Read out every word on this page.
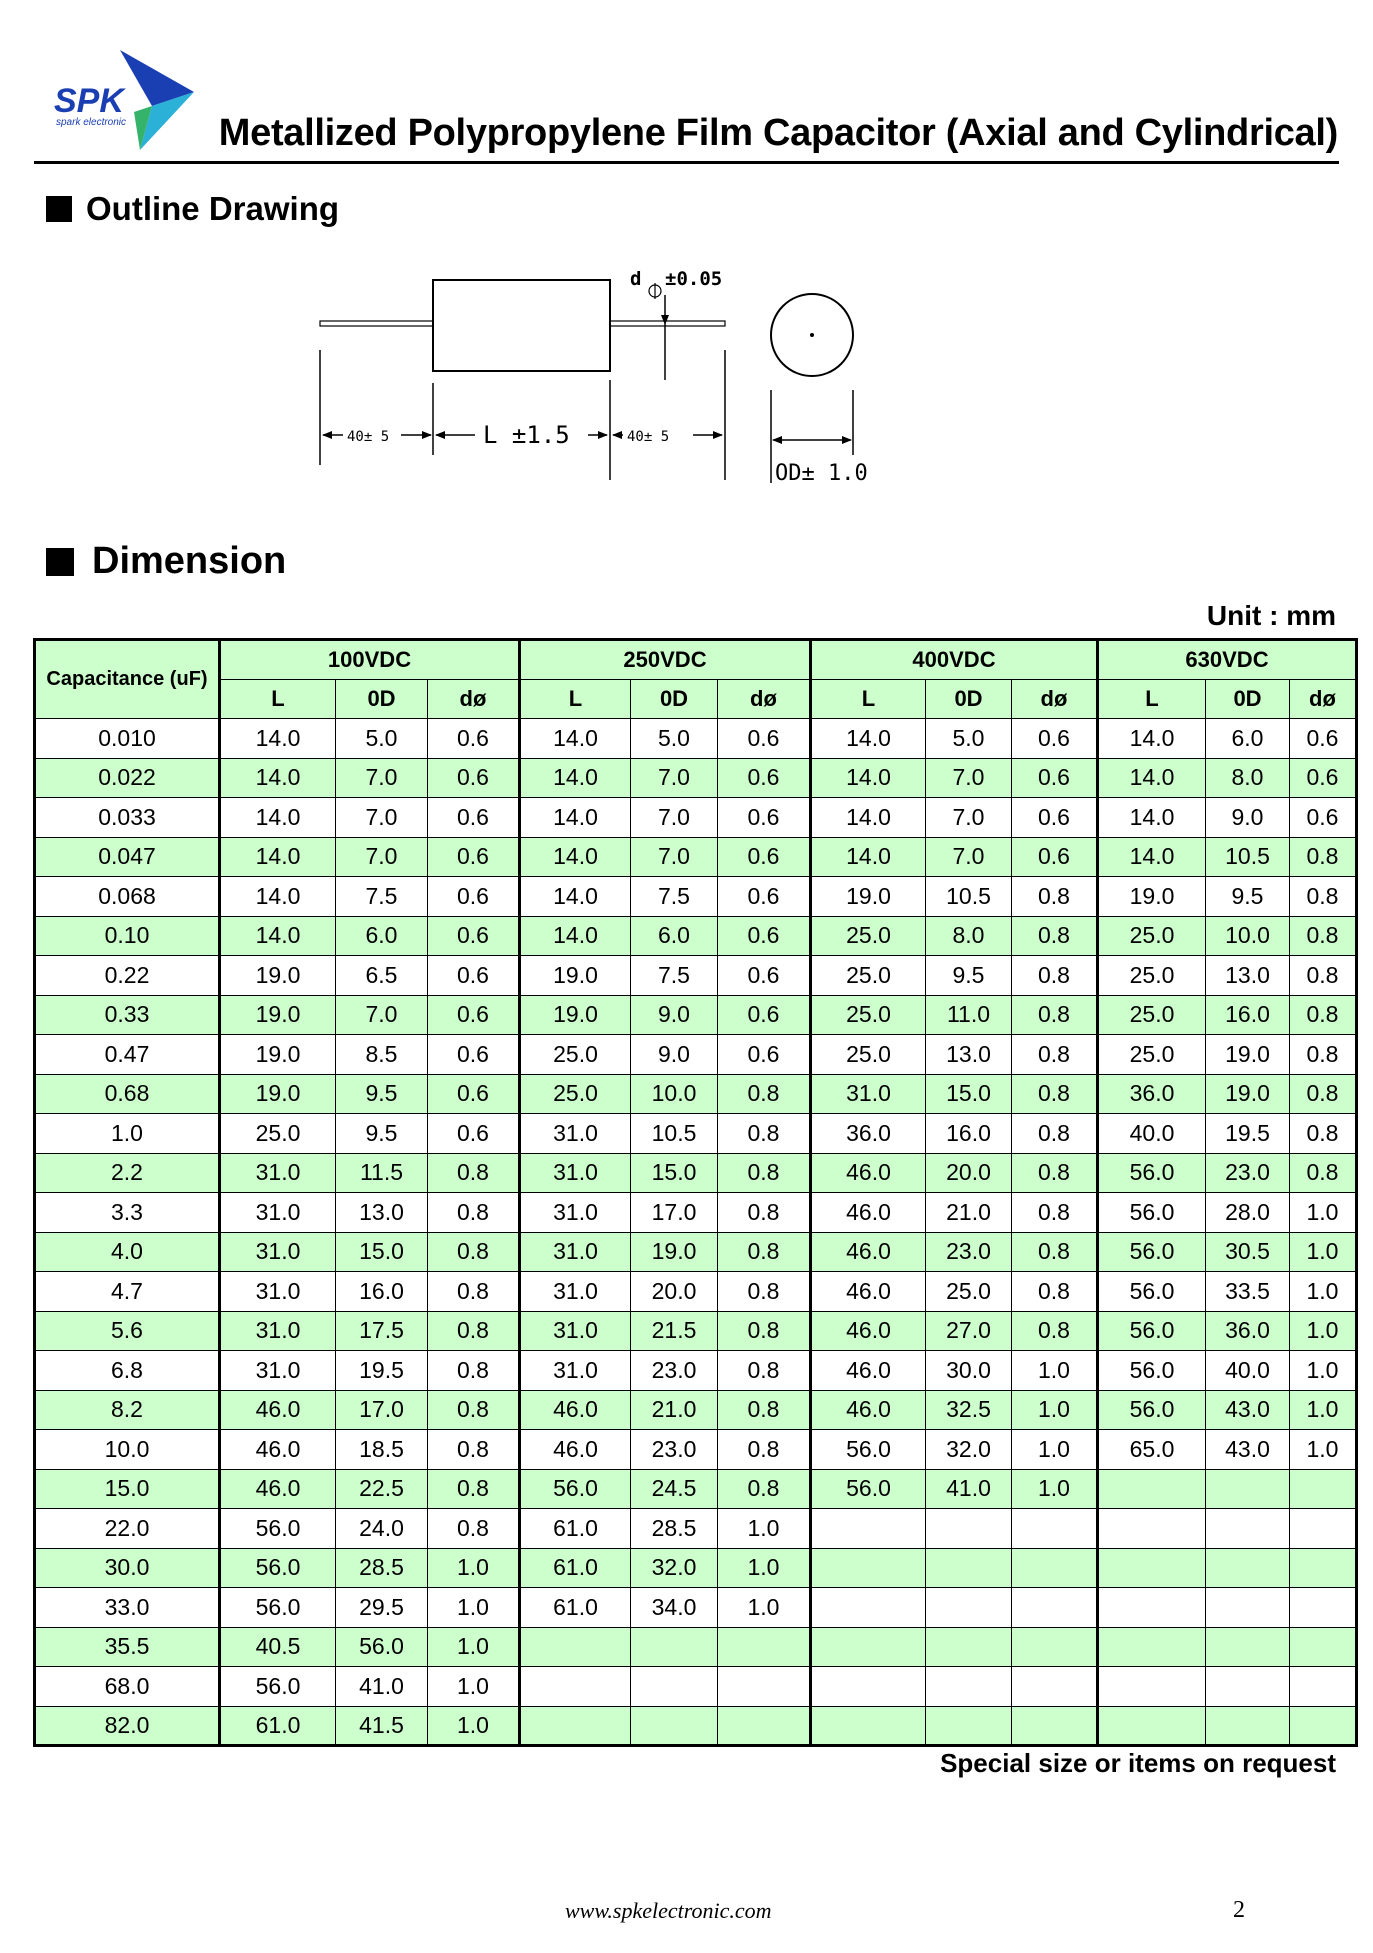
SPK
spark electronic Metallized Polypropylene Film Capacitor (Axial and Cylindrical)
Outline Drawing
d ±0.05
40± 5	L ±1.5	40± 5
OD± 1.0
Dimension
Unit : mm
Capacitance (uF)	100VDC			250VDC			400VDC			630VDC		
	L	0D	dø	L	0D	dø	L	0D	dø	L	0D	dø
0.010	14.0	5.0	0.6	14.0	5.0	0.6	14.0	5.0	0.6	14.0	6.0	0.6
0.022	14.0	7.0	0.6	14.0	7.0	0.6	14.0	7.0	0.6	14.0	8.0	0.6
0.033	14.0	7.0	0.6	14.0	7.0	0.6	14.0	7.0	0.6	14.0	9.0	0.6
0.047	14.0	7.0	0.6	14.0	7.0	0.6	14.0	7.0	0.6	14.0	10.5	0.8
0.068	14.0	7.5	0.6	14.0	7.5	0.6	19.0	10.5	0.8	19.0	9.5	0.8
0.10	14.0	6.0	0.6	14.0	6.0	0.6	25.0	8.0	0.8	25.0	10.0	0.8
0.22	19.0	6.5	0.6	19.0	7.5	0.6	25.0	9.5	0.8	25.0	13.0	0.8
0.33	19.0	7.0	0.6	19.0	9.0	0.6	25.0	11.0	0.8	25.0	16.0	0.8
0.47	19.0	8.5	0.6	25.0	9.0	0.6	25.0	13.0	0.8	25.0	19.0	0.8
0.68	19.0	9.5	0.6	25.0	10.0	0.8	31.0	15.0	0.8	36.0	19.0	0.8
1.0	25.0	9.5	0.6	31.0	10.5	0.8	36.0	16.0	0.8	40.0	19.5	0.8
2.2	31.0	11.5	0.8	31.0	15.0	0.8	46.0	20.0	0.8	56.0	23.0	0.8
3.3	31.0	13.0	0.8	31.0	17.0	0.8	46.0	21.0	0.8	56.0	28.0	1.0
4.0	31.0	15.0	0.8	31.0	19.0	0.8	46.0	23.0	0.8	56.0	30.5	1.0
4.7	31.0	16.0	0.8	31.0	20.0	0.8	46.0	25.0	0.8	56.0	33.5	1.0
5.6	31.0	17.5	0.8	31.0	21.5	0.8	46.0	27.0	0.8	56.0	36.0	1.0
6.8	31.0	19.5	0.8	31.0	23.0	0.8	46.0	30.0	1.0	56.0	40.0	1.0
8.2	46.0	17.0	0.8	46.0	21.0	0.8	46.0	32.5	1.0	56.0	43.0	1.0
10.0	46.0	18.5	0.8	46.0	23.0	0.8	56.0	32.0	1.0	65.0	43.0	1.0
15.0	46.0	22.5	0.8	56.0	24.5	0.8	56.0	41.0	1.0			
22.0	56.0	24.0	0.8	61.0	28.5	1.0						
30.0	56.0	28.5	1.0	61.0	32.0	1.0						
33.0	56.0	29.5	1.0	61.0	34.0	1.0						
35.5	40.5	56.0	1.0									
68.0	56.0	41.0	1.0									
82.0	61.0	41.5	1.0									
Special size or items on request
www.spkelectronic.com	2
